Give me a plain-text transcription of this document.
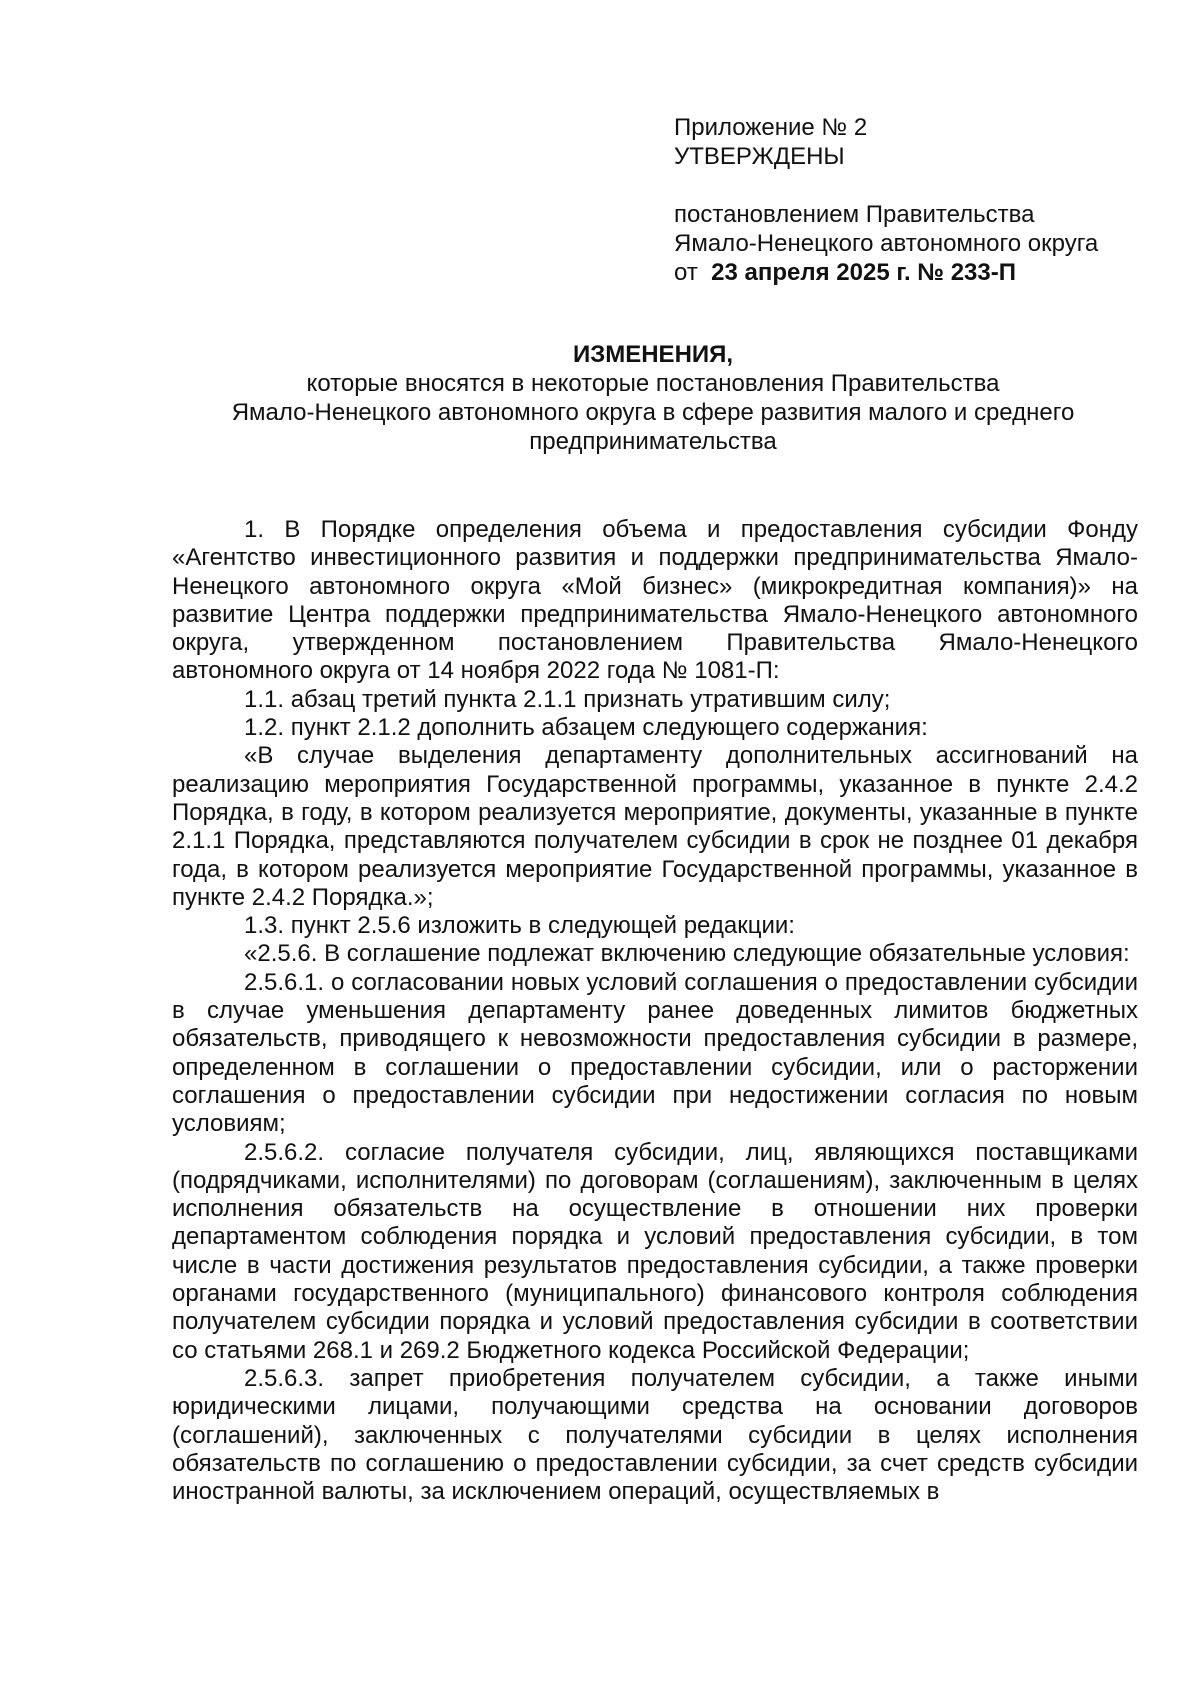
Приложение № 2

УТВЕРЖДЕНЫ

постановлением Правительства

Ямало-Ненецкого автономного округа

от 23 апреля 2025 г. № 233-П

ИЗМЕНЕНИЯ,

которые вносятся в некоторые постановления Правительства

Ямало-Ненецкого автономного округа в сфере развития малого и среднего

предпринимательства

1. В Порядке определения объема и предоставления субсидии Фонду «Агентство инвестиционного развития и поддержки предпринимательства Ямало-Ненецкого автономного округа «Мой бизнес» (микрокредитная компания)» на развитие Центра поддержки предпринимательства Ямало-Ненецкого автономного округа, утвержденном постановлением Правительства Ямало-Ненецкого автономного округа от 14 ноября 2022 года № 1081-П:

1.1. абзац третий пункта 2.1.1 признать утратившим силу;

1.2. пункт 2.1.2 дополнить абзацем следующего содержания:

«В случае выделения департаменту дополнительных ассигнований на реализацию мероприятия Государственной программы, указанное в пункте 2.4.2 Порядка, в году, в котором реализуется мероприятие, документы, указанные в пункте 2.1.1 Порядка, представляются получателем субсидии в срок не позднее 01 декабря года, в котором реализуется мероприятие Государственной программы, указанное в пункте 2.4.2 Порядка.»;

1.3. пункт 2.5.6 изложить в следующей редакции:

«2.5.6. В соглашение подлежат включению следующие обязательные условия:

2.5.6.1. о согласовании новых условий соглашения о предоставлении субсидии в случае уменьшения департаменту ранее доведенных лимитов бюджетных обязательств, приводящего к невозможности предоставления субсидии в размере, определенном в соглашении о предоставлении субсидии, или о расторжении соглашения о предоставлении субсидии при недостижении согласия по новым условиям;

2.5.6.2. согласие получателя субсидии, лиц, являющихся поставщиками (подрядчиками, исполнителями) по договорам (соглашениям), заключенным в целях исполнения обязательств на осуществление в отношении них проверки департаментом соблюдения порядка и условий предоставления субсидии, в том числе в части достижения результатов предоставления субсидии, а также проверки органами государственного (муниципального) финансового контроля соблюдения получателем субсидии порядка и условий предоставления субсидии в соответствии со статьями 268.1 и 269.2 Бюджетного кодекса Российской Федерации;

2.5.6.3. запрет приобретения получателем субсидии, а также иными юридическими лицами, получающими средства на основании договоров (соглашений), заключенных с получателями субсидии в целях исполнения обязательств по соглашению о предоставлении субсидии, за счет средств субсидии иностранной валюты, за исключением операций, осуществляемых в
